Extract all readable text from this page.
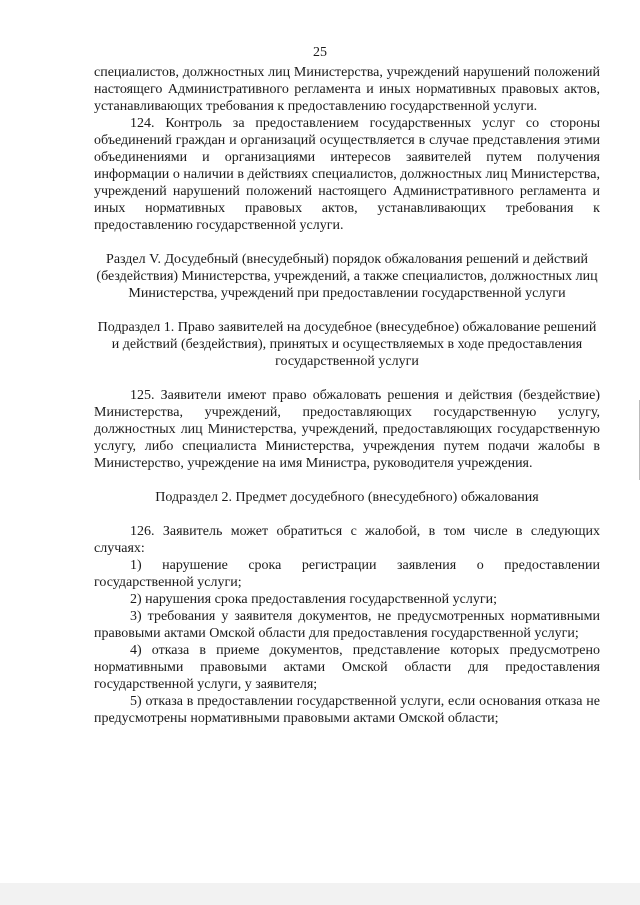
25

специалистов, должностных лиц Министерства, учреждений нарушений положений настоящего Административного регламента и иных нормативных правовых актов, устанавливающих требования к предоставлению государственной услуги.

124. Контроль за предоставлением государственных услуг со стороны объединений граждан и организаций осуществляется в случае представления этими объединениями и организациями интересов заявителей путем получения информации о наличии в действиях специалистов, должностных лиц Министерства, учреждений нарушений положений настоящего Административного регламента и иных нормативных правовых актов, устанавливающих требования к предоставлению государственной услуги.

Раздел V. Досудебный (внесудебный) порядок обжалования решений и действий (бездействия) Министерства, учреждений, а также специалистов, должностных лиц Министерства, учреждений при предоставлении государственной услуги

Подраздел 1. Право заявителей на досудебное (внесудебное) обжалование решений и действий (бездействия), принятых и осуществляемых в ходе предоставления государственной услуги

125. Заявители имеют право обжаловать решения и действия (бездействие) Министерства, учреждений, предоставляющих государственную услугу, должностных лиц Министерства, учреждений, предоставляющих государственную услугу, либо специалиста Министерства, учреждения путем подачи жалобы в Министерство, учреждение на имя Министра, руководителя учреждения.

Подраздел 2. Предмет досудебного (внесудебного) обжалования

126. Заявитель может обратиться с жалобой, в том числе в следующих случаях:

1) нарушение срока регистрации заявления о предоставлении государственной услуги;

2) нарушения срока предоставления государственной услуги;

3) требования у заявителя документов, не предусмотренных нормативными правовыми актами Омской области для предоставления государственной услуги;

4) отказа в приеме документов, представление которых предусмотрено нормативными правовыми актами Омской области для предоставления государственной услуги, у заявителя;

5) отказа в предоставлении государственной услуги, если основания отказа не предусмотрены нормативными правовыми актами Омской области;
